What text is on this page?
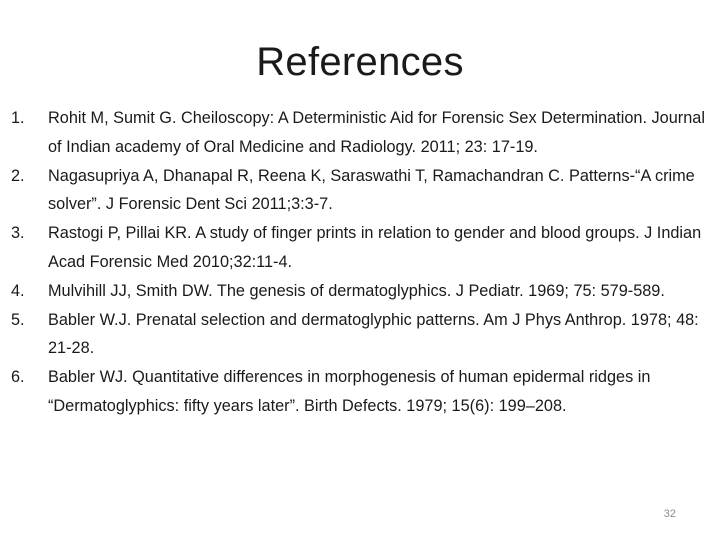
References
1.	Rohit M, Sumit G. Cheiloscopy: A Deterministic Aid for Forensic Sex Determination. Journal of Indian academy of Oral Medicine and Radiology. 2011; 23: 17-19.
2.	Nagasupriya A, Dhanapal R, Reena K, Saraswathi T, Ramachandran C. Patterns‑“A crime solver”. J Forensic Dent Sci 2011;3:3‑7.
3.	Rastogi P, Pillai KR. A study of finger prints in relation to gender and blood groups. J Indian Acad Forensic Med 2010;32:11‑4.
4.	Mulvihill JJ, Smith DW. The genesis of dermatoglyphics. J Pediatr. 1969; 75: 579-589.
5.	Babler W.J. Prenatal selection and dermatoglyphic patterns. Am J Phys Anthrop. 1978; 48: 21-28.
6.	Babler WJ. Quantitative differences in morphogenesis of human epidermal ridges in “Dermatoglyphics: fifty years later”. Birth Defects. 1979; 15(6): 199–208.
32
